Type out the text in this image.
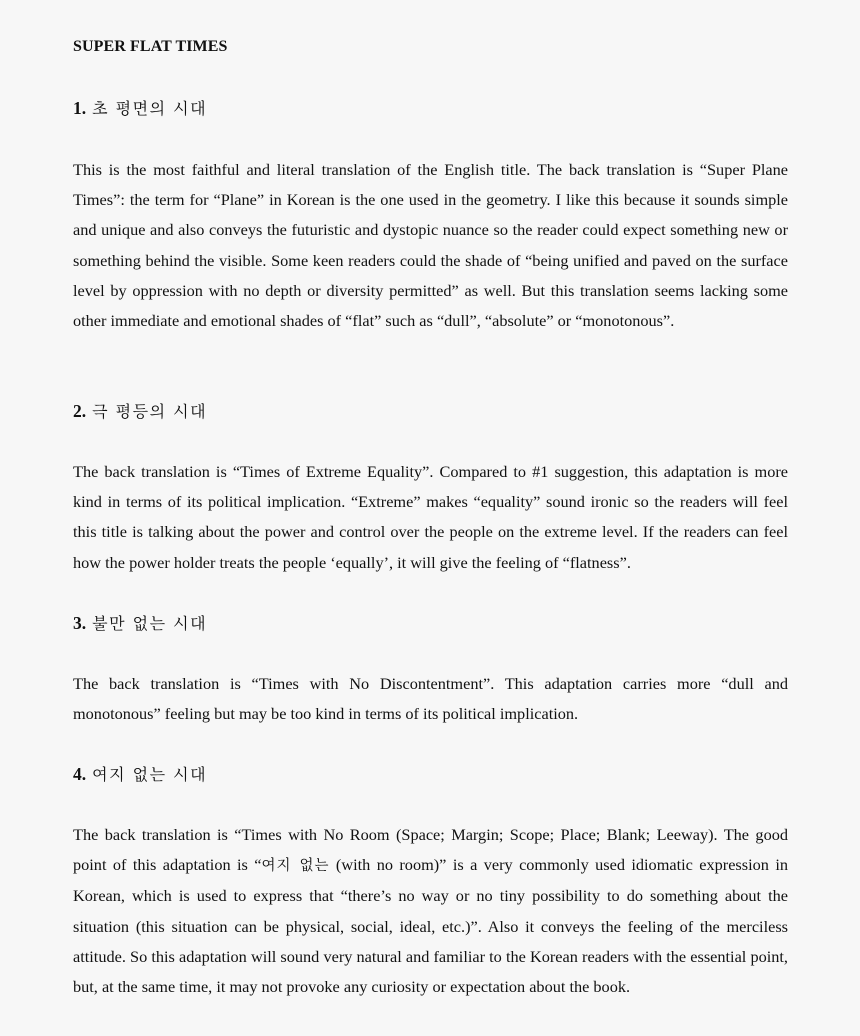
SUPER FLAT TIMES
1. 초 평면의 시대

This is the most faithful and literal translation of the English title. The back translation is “Super Plane Times”: the term for “Plane” in Korean is the one used in the geometry. I like this because it sounds simple and unique and also conveys the futuristic and dystopic nuance so the reader could expect something new or something behind the visible. Some keen readers could the shade of “being unified and paved on the surface level by oppression with no depth or diversity permitted” as well. But this translation seems lacking some other immediate and emotional shades of “flat” such as “dull”, “absolute” or “monotonous”.

2. 극 평등의 시대

The back translation is “Times of Extreme Equality”. Compared to #1 suggestion, this adaptation is more kind in terms of its political implication. “Extreme” makes “equality” sound ironic so the readers will feel this title is talking about the power and control over the people on the extreme level. If the readers can feel how the power holder treats the people ‘equally’, it will give the feeling of “flatness”.

3. 불만 없는 시대

The back translation is “Times with No Discontentment”. This adaptation carries more “dull and monotonous” feeling but may be too kind in terms of its political implication.

4. 여지 없는 시대

The back translation is “Times with No Room (Space; Margin; Scope; Place; Blank; Leeway). The good point of this adaptation is “여지 없는 (with no room)” is a very commonly used idiomatic expression in Korean, which is used to express that “there’s no way or no tiny possibility to do something about the situation (this situation can be physical, social, ideal, etc.)”. Also it conveys the feeling of the merciless attitude. So this adaptation will sound very natural and familiar to the Korean readers with the essential point, but, at the same time, it may not provoke any curiosity or expectation about the book.
